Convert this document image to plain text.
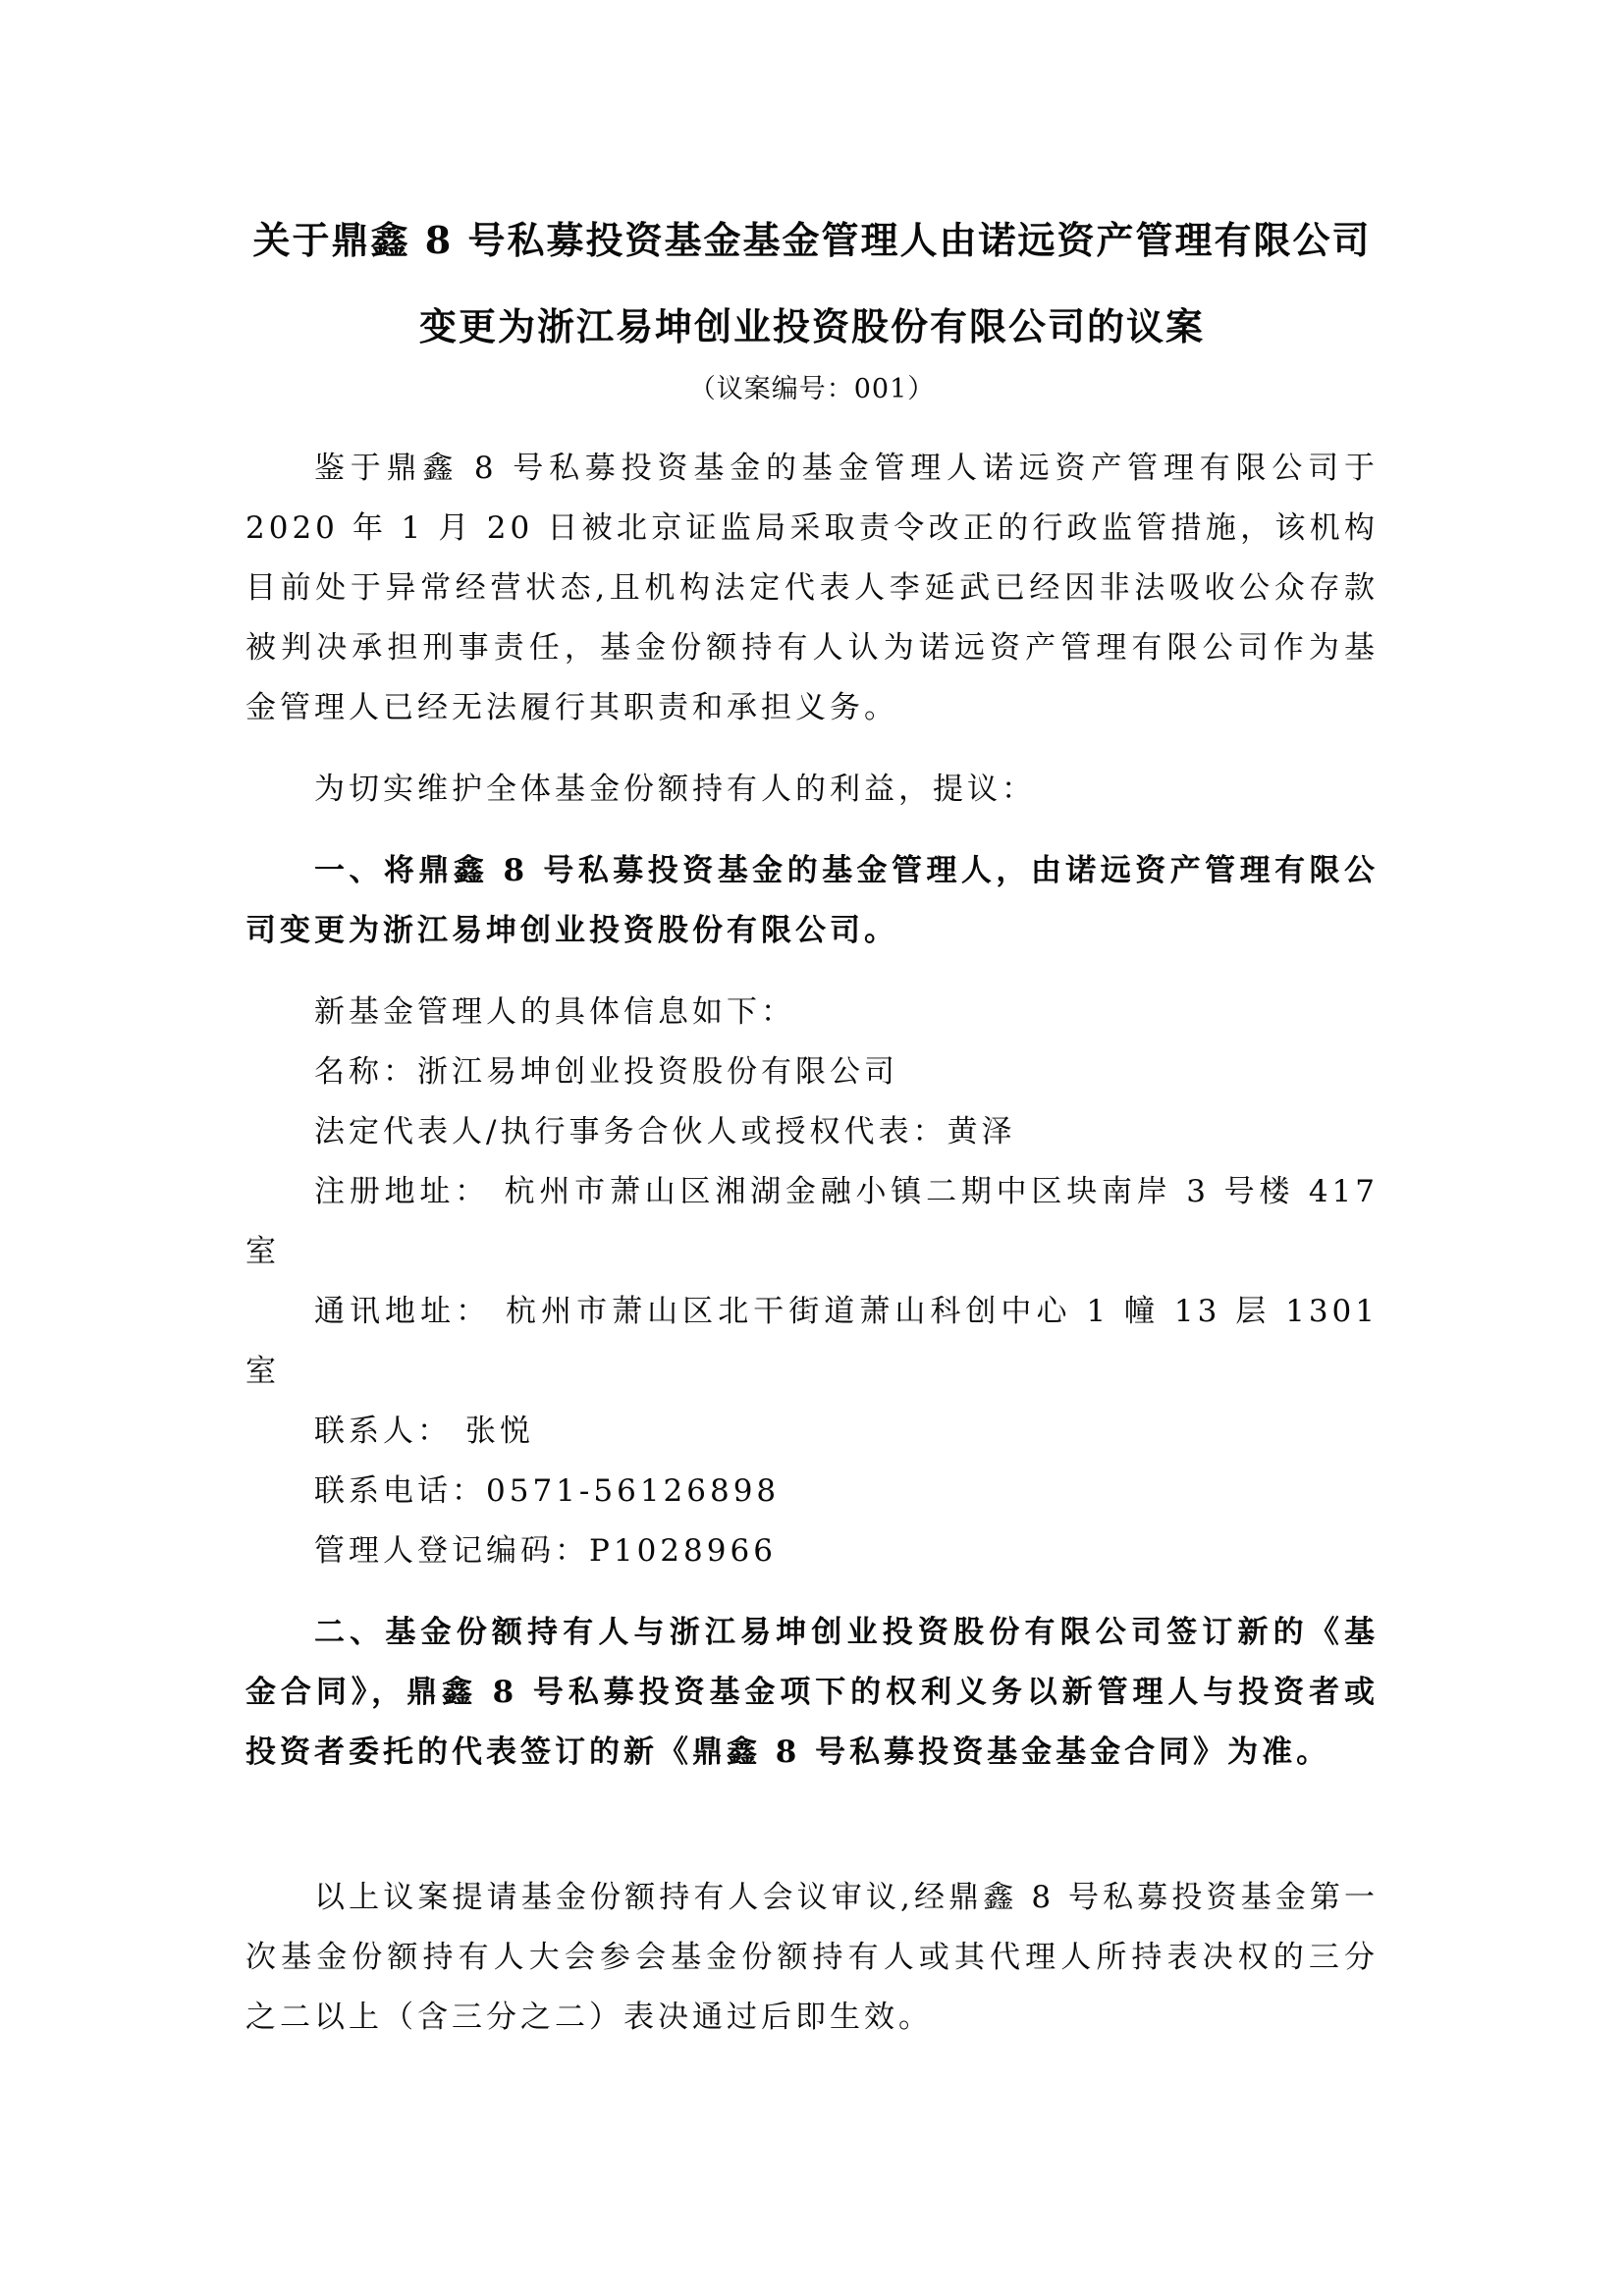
关于鼎鑫 8 号私募投资基金基金管理人由诺远资产管理有限公司
变更为浙江易坤创业投资股份有限公司的议案
（议案编号：001）

鉴于鼎鑫 8 号私募投资基金的基金管理人诺远资产管理有限公司于 2020 年 1 月 20 日被北京证监局采取责令改正的行政监管措施，该机构目前处于异常经营状态,且机构法定代表人李延武已经因非法吸收公众存款被判决承担刑事责任，基金份额持有人认为诺远资产管理有限公司作为基金管理人已经无法履行其职责和承担义务。

为切实维护全体基金份额持有人的利益，提议：

一、将鼎鑫 8 号私募投资基金的基金管理人，由诺远资产管理有限公司变更为浙江易坤创业投资股份有限公司。

新基金管理人的具体信息如下：

名称：浙江易坤创业投资股份有限公司

法定代表人/执行事务合伙人或授权代表：黄泽

注册地址： 杭州市萧山区湘湖金融小镇二期中区块南岸 3 号楼 417 室

通讯地址： 杭州市萧山区北干街道萧山科创中心 1 幢 13 层 1301 室

联系人： 张悦

联系电话：0571-56126898

管理人登记编码：P1028966

二、基金份额持有人与浙江易坤创业投资股份有限公司签订新的《基金合同》，鼎鑫 8 号私募投资基金项下的权利义务以新管理人与投资者或投资者委托的代表签订的新《鼎鑫 8 号私募投资基金基金合同》为准。

以上议案提请基金份额持有人会议审议,经鼎鑫 8 号私募投资基金第一次基金份额持有人大会参会基金份额持有人或其代理人所持表决权的三分之二以上（含三分之二）表决通过后即生效。
